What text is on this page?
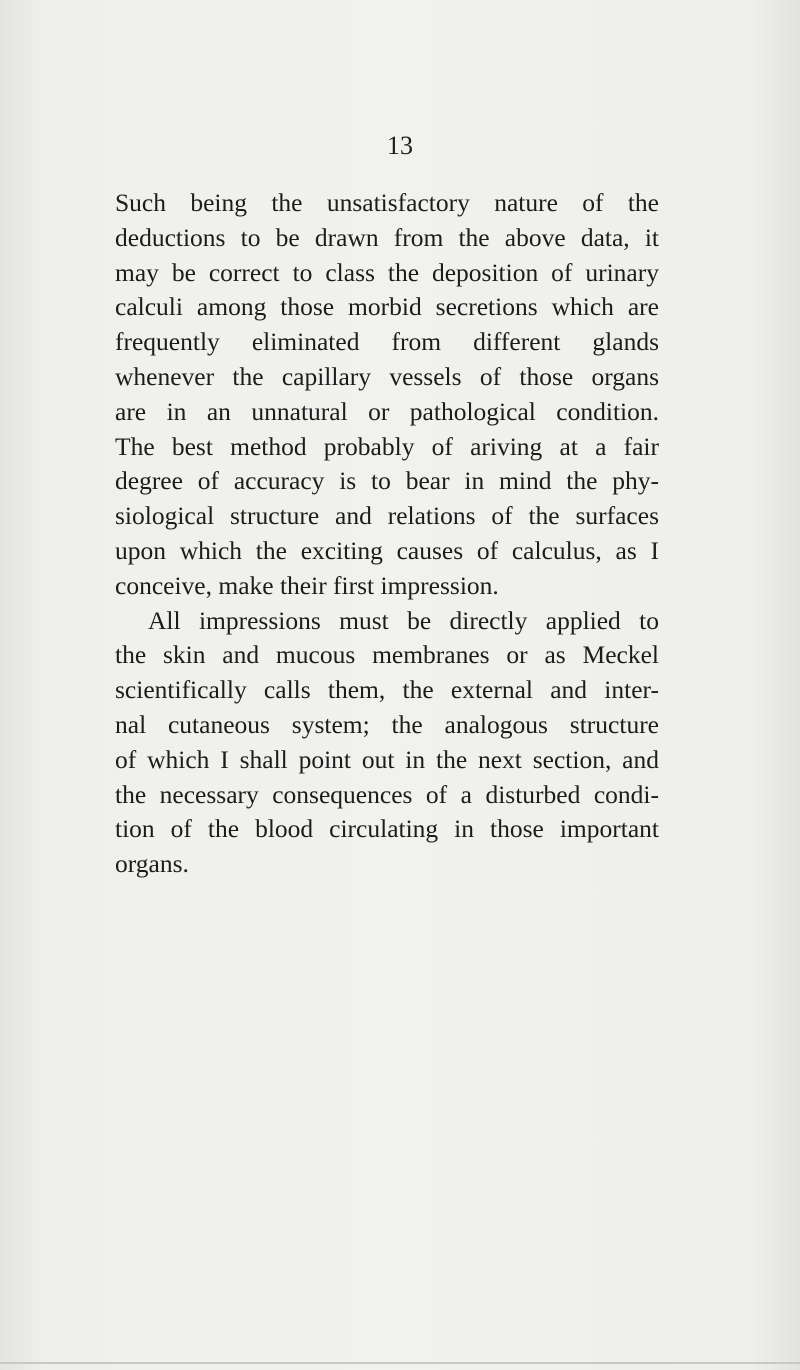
13

Such being the unsatisfactory nature of the
deductions to be drawn from the above data, it
may be correct to class the deposition of urinary
calculi among those morbid secretions which are
frequently eliminated from different glands
whenever the capillary vessels of those organs
are in an unnatural or pathological condition.
The best method probably of ariving at a fair
degree of accuracy is to bear in mind the phy-
siological structure and relations of the surfaces
upon which the exciting causes of calculus, as I
conceive, make their first impression.

All impressions must be directly applied to
the skin and mucous membranes or as Meckel
scientifically calls them, the external and inter-
nal cutaneous system; the analogous structure
of which I shall point out in the next section, and
the necessary consequences of a disturbed condi-
tion of the blood circulating in those important
organs.
